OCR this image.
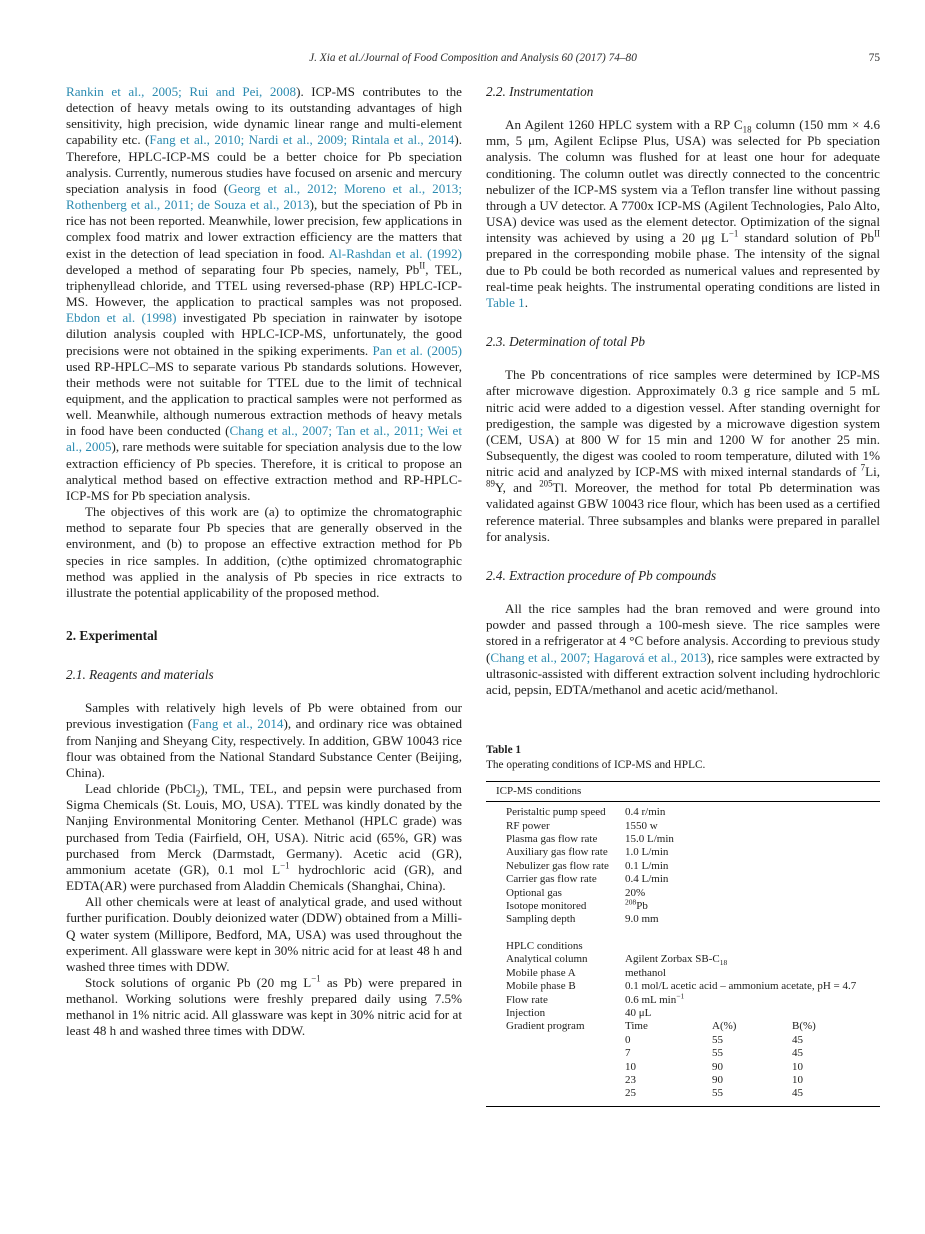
J. Xia et al./Journal of Food Composition and Analysis 60 (2017) 74–80	75

Rankin et al., 2005; Rui and Pei, 2008). ICP-MS contributes to the detection of heavy metals owing to its outstanding advantages of high sensitivity, high precision, wide dynamic linear range and multi-element capability etc. (Fang et al., 2010; Nardi et al., 2009; Rintala et al., 2014). Therefore, HPLC-ICP-MS could be a better choice for Pb speciation analysis. Currently, numerous studies have focused on arsenic and mercury speciation analysis in food (Georg et al., 2012; Moreno et al., 2013; Rothenberg et al., 2011; de Souza et al., 2013), but the speciation of Pb in rice has not been reported. Meanwhile, lower precision, few applications in complex food matrix and lower extraction efficiency are the matters that exist in the detection of lead speciation in food. Al-Rashdan et al. (1992) developed a method of separating four Pb species, namely, $Pb^{II}$, TEL, triphenyllead chloride, and TTEL using reversed-phase (RP) HPLC-ICP-MS. However, the application to practical samples was not proposed. Ebdon et al. (1998) investigated Pb speciation in rainwater by isotope dilution analysis coupled with HPLC-ICP-MS, unfortunately, the good precisions were not obtained in the spiking experiments. Pan et al. (2005) used RP-HPLC–MS to separate various Pb standards solutions. However, their methods were not suitable for TTEL due to the limit of technical equipment, and the application to practical samples were not performed as well. Meanwhile, although numerous extraction methods of heavy metals in food have been conducted (Chang et al., 2007; Tan et al., 2011; Wei et al., 2005), rare methods were suitable for speciation analysis due to the low extraction efficiency of Pb species. Therefore, it is critical to propose an analytical method based on effective extraction method and RP-HPLC-ICP-MS for Pb speciation analysis.

The objectives of this work are (a) to optimize the chromatographic method to separate four Pb species that are generally observed in the environment, and (b) to propose an effective extraction method for Pb species in rice samples. In addition, (c)the optimized chromatographic method was applied in the analysis of Pb species in rice extracts to illustrate the potential applicability of the proposed method.

2. Experimental
2.1. Reagents and materials

Samples with relatively high levels of Pb were obtained from our previous investigation (Fang et al., 2014), and ordinary rice was obtained from Nanjing and Sheyang City, respectively. In addition, GBW 10043 rice flour was obtained from the National Standard Substance Center (Beijing, China).

Lead chloride (PbCl$_2$), TML, TEL, and pepsin were purchased from Sigma Chemicals (St. Louis, MO, USA). TTEL was kindly donated by the Nanjing Environmental Monitoring Center. Methanol (HPLC grade) was purchased from Tedia (Fairfield, OH, USA). Nitric acid (65%, GR) was purchased from Merck (Darmstadt, Germany). Acetic acid (GR), ammonium acetate (GR), 0.1 mol $L^{-1}$ hydrochloric acid (GR), and EDTA(AR) were purchased from Aladdin Chemicals (Shanghai, China).

All other chemicals were at least of analytical grade, and used without further purification. Doubly deionized water (DDW) obtained from a Milli-Q water system (Millipore, Bedford, MA, USA) was used throughout the experiment. All glassware were kept in 30% nitric acid for at least 48 h and washed three times with DDW.

Stock solutions of organic Pb (20 mg $L^{-1}$ as Pb) were prepared in methanol. Working solutions were freshly prepared daily using 7.5% methanol in 1% nitric acid. All glassware was kept in 30% nitric acid for at least 48 h and washed three times with DDW.

2.2. Instrumentation

An Agilent 1260 HPLC system with a RP $C_{18}$ column (150 mm × 4.6 mm, 5 μm, Agilent Eclipse Plus, USA) was selected for Pb speciation analysis. The column was flushed for at least one hour for adequate conditioning. The column outlet was directly connected to the concentric nebulizer of the ICP-MS system via a Teflon transfer line without passing through a UV detector. A 7700x ICP-MS (Agilent Technologies, Palo Alto, USA) device was used as the element detector. Optimization of the signal intensity was achieved by using a 20 μg $L^{-1}$ standard solution of $Pb^{II}$ prepared in the corresponding mobile phase. The intensity of the signal due to Pb could be both recorded as numerical values and represented by real-time peak heights. The instrumental operating conditions are listed in Table 1.

2.3. Determination of total Pb

The Pb concentrations of rice samples were determined by ICP-MS after microwave digestion. Approximately 0.3 g rice sample and 5 mL nitric acid were added to a digestion vessel. After standing overnight for predigestion, the sample was digested by a microwave digestion system (CEM, USA) at 800 W for 15 min and 1200 W for another 25 min. Subsequently, the digest was cooled to room temperature, diluted with 1% nitric acid and analyzed by ICP-MS with mixed internal standards of $^7$Li, $^{89}$Y, and $^{205}$Tl. Moreover, the method for total Pb determination was validated against GBW 10043 rice flour, which has been used as a certified reference material. Three subsamples and blanks were prepared in parallel for analysis.

2.4. Extraction procedure of Pb compounds

All the rice samples had the bran removed and were ground into powder and passed through a 100-mesh sieve. The rice samples were stored in a refrigerator at 4 °C before analysis. According to previous study (Chang et al., 2007; Hagarová et al., 2013), rice samples were extracted by ultrasonic-assisted with different extraction solvent including hydrochloric acid, pepsin, EDTA/methanol and acetic acid/methanol.

Table 1
The operating conditions of ICP-MS and HPLC.
ICP-MS conditions
Peristaltic pump speed	0.4 r/min
RF power	1550 w
Plasma gas flow rate	15.0 L/min
Auxiliary gas flow rate	1.0 L/min
Nebulizer gas flow rate	0.1 L/min
Carrier gas flow rate	0.4 L/min
Optional gas	20%
Isotope monitored	$^{208}$Pb
Sampling depth	9.0 mm
HPLC conditions
Analytical column	Agilent Zorbax $SB-C_{18}$
Mobile phase A	methanol
Mobile phase B	0.1 mol/L acetic acid – ammonium acetate, pH = 4.7
Flow rate	0.6 mL $\min^{-1}$
Injection	40 μL
Gradient program	Time	A(%)	B(%)
0	55	45
7	55	45
10	90	10
23	90	10
25	55	45
